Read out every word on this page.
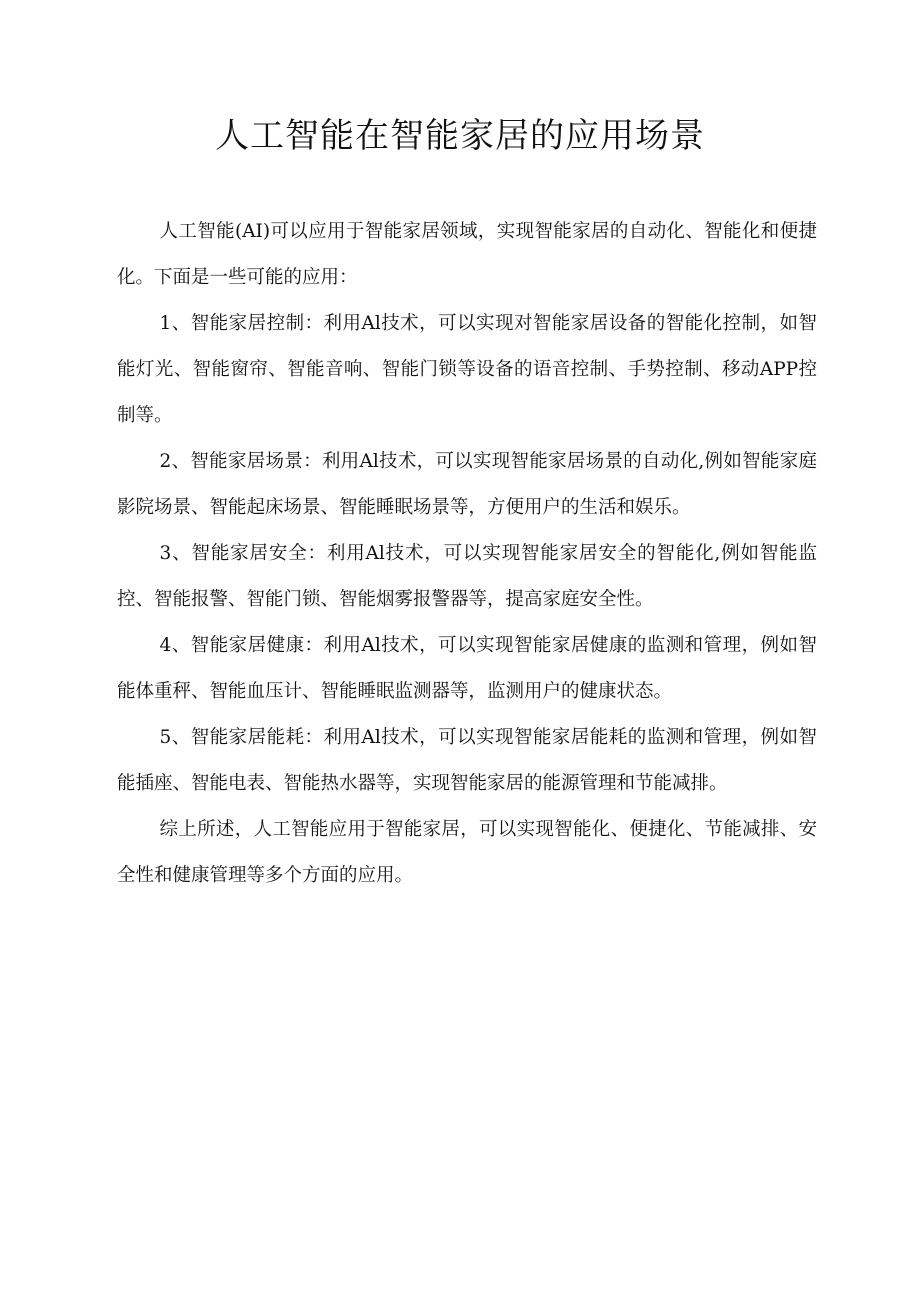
人工智能在智能家居的应用场景

人工智能(AI)可以应用于智能家居领域，实现智能家居的自动化、智能化和便捷化。下面是一些可能的应用：

1、智能家居控制：利用Al技术，可以实现对智能家居设备的智能化控制，如智能灯光、智能窗帘、智能音响、智能门锁等设备的语音控制、手势控制、移动APP控制等。

2、智能家居场景：利用Al技术，可以实现智能家居场景的自动化,例如智能家庭影院场景、智能起床场景、智能睡眠场景等，方便用户的生活和娱乐。

3、智能家居安全：利用Al技术，可以实现智能家居安全的智能化,例如智能监控、智能报警、智能门锁、智能烟雾报警器等，提高家庭安全性。

4、智能家居健康：利用Al技术，可以实现智能家居健康的监测和管理，例如智能体重秤、智能血压计、智能睡眠监测器等，监测用户的健康状态。

5、智能家居能耗：利用Al技术，可以实现智能家居能耗的监测和管理，例如智能插座、智能电表、智能热水器等，实现智能家居的能源管理和节能减排。

综上所述，人工智能应用于智能家居，可以实现智能化、便捷化、节能减排、安全性和健康管理等多个方面的应用。
